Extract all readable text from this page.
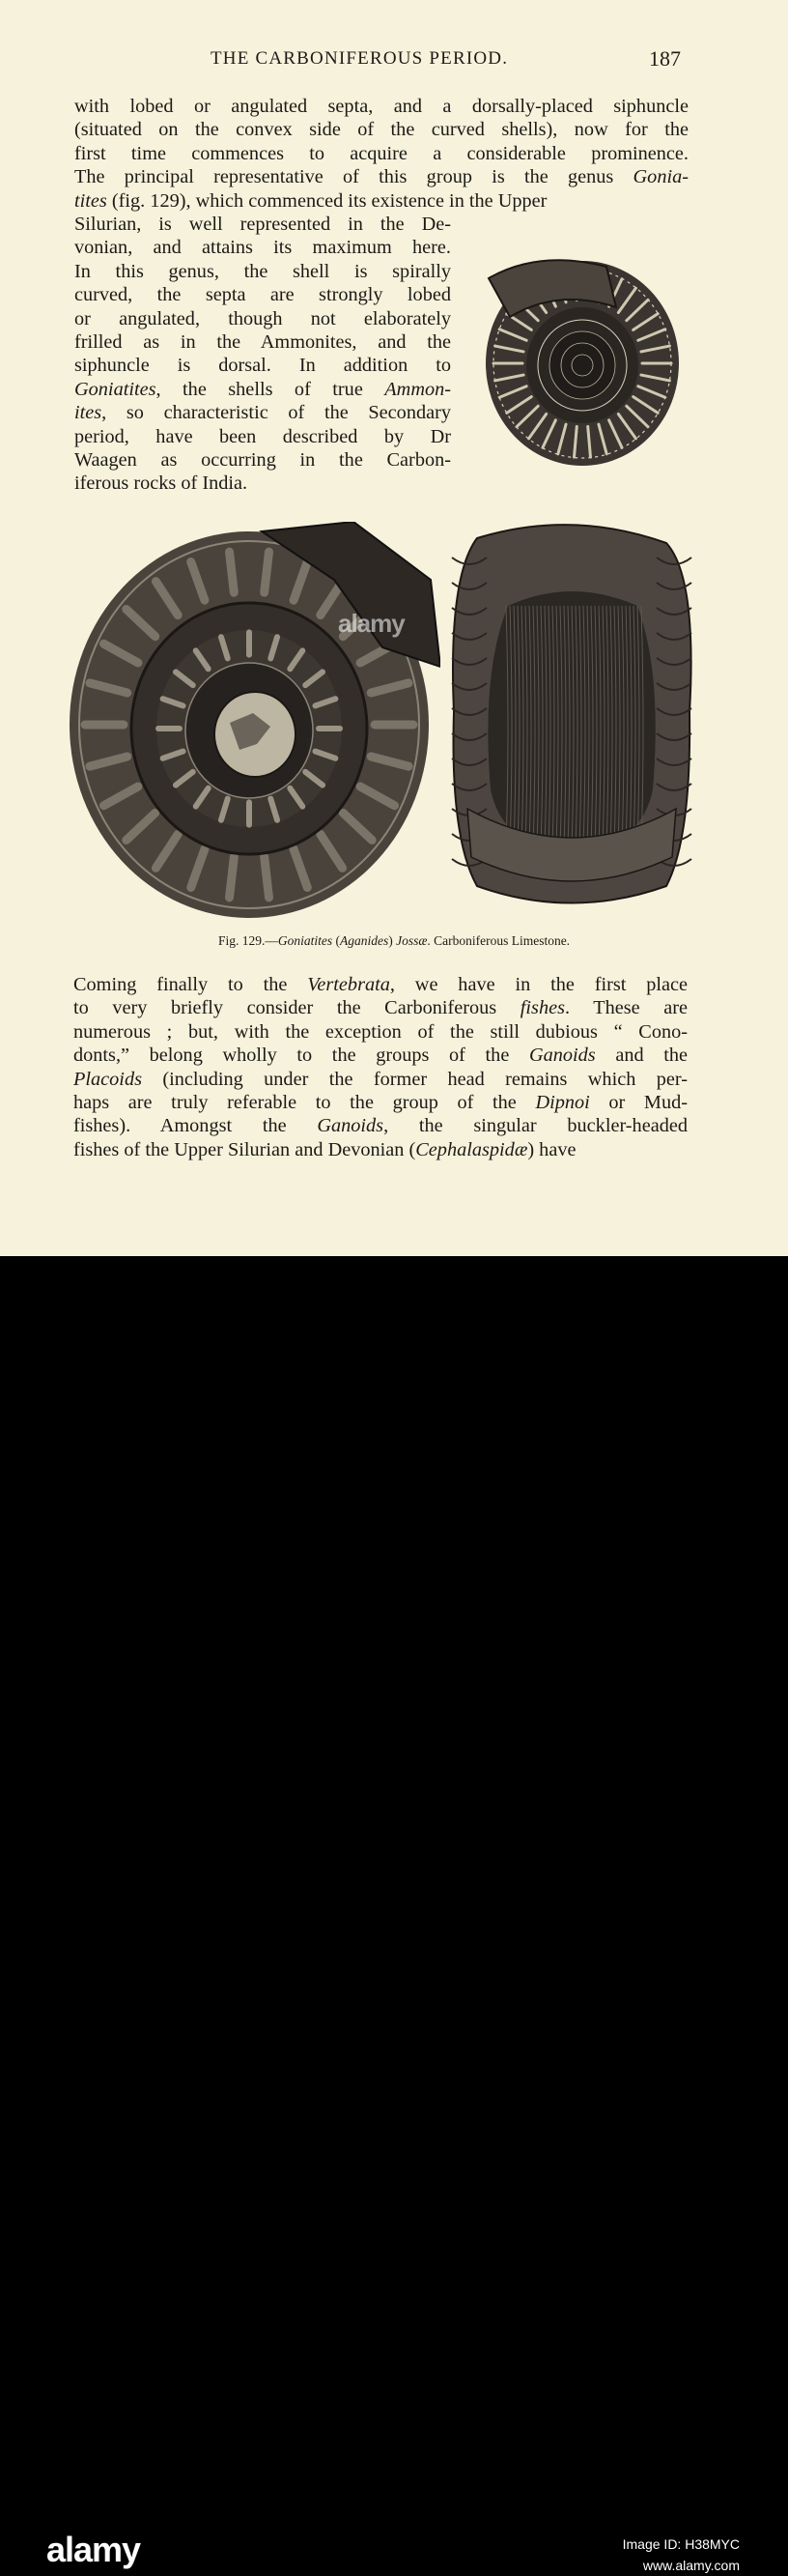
THE CARBONIFEROUS PERIOD.	187
with lobed or angulated septa, and a dorsally-placed siphuncle
(situated on the convex side of the curved shells), now for the
first time commences to acquire a considerable prominence.
The principal representative of this group is the genus Gonia-
tites (fig. 129), which commenced its existence in the Upper
Silurian, is well represented in the De-
vonian, and attains its maximum here.
In this genus, the shell is spirally
curved, the septa are strongly lobed
or angulated, though not elaborately
frilled as in the Ammonites, and the
siphuncle is dorsal. In addition to
Goniatites, the shells of true Ammon-
ites, so characteristic of the Secondary
period, have been described by Dr
Waagen as occurring in the Carbon-
iferous rocks of India.
Fig. 129.—Goniatites (Aganides) Jossæ. Carboniferous Limestone.
Coming finally to the Vertebrata, we have in the first place
to very briefly consider the Carboniferous fishes. These are
numerous ; but, with the exception of the still dubious “ Cono-
donts,” belong wholly to the groups of the Ganoids and the
Placoids (including under the former head remains which per-
haps are truly referable to the group of the Dipnoi or Mud-
fishes). Amongst the Ganoids, the singular buckler-headed
fishes of the Upper Silurian and Devonian (Cephalaspidæ) have
alamy
alamy	Image ID: H38MYC
www.alamy.com
